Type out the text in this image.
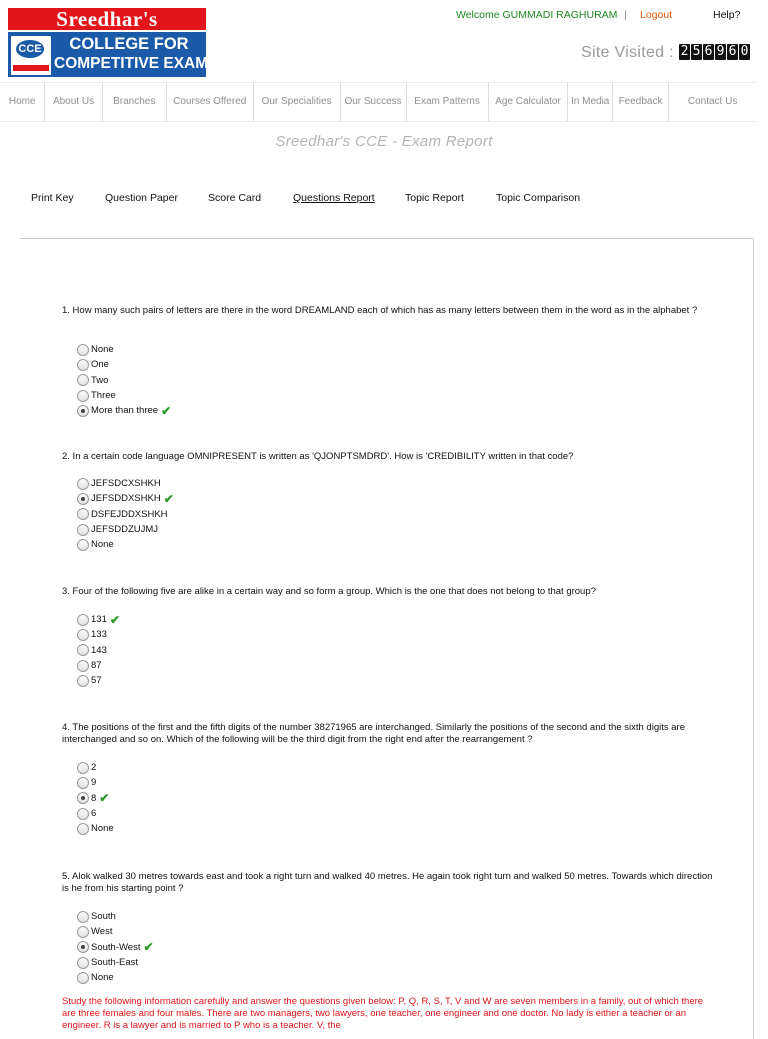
Sreedhar's
CCE	COLLEGE FOR
COMPETITIVE EXAMS
Welcome GUMMADI RAGHURAM | Logout	Help?
Site Visited : 2 5 6 9 6 0
Home	About Us	Branches	Courses Offered	Our Specialities	Our Success	Exam Patterns	Age Calculator	In Media Feedback	Contact Us
Sreedhar's CCE - Exam Report
Print Key	Question Paper	Score Card	Questions Report	Topic Report	Topic Comparison
1. How many such pairs of letters are there in the word DREAMLAND each of which has as many letters between them in the word as in the alphabet ?
None
One
Two
Three
More than three ✔
2. In a certain code language OMNIPRESENT is written as 'QJONPTSMDRD'. How is 'CREDIBILITY written in that code?
JEFSDCXSHKH
JEFSDDXSHKH ✔
DSFEJDDXSHKH
JEFSDDZUJMJ
None
3. Four of the following five are alike in a certain way and so form a group. Which is the one that does not belong to that group?
131 ✔
133
143
87
57
4. The positions of the first and the fifth digits of the number 38271965 are interchanged. Similarly the positions of the second and the sixth digits are interchanged and so on. Which of the following will be the third digit from the right end after the rearrangement ?
2
9
8 ✔
6
None
5. Alok walked 30 metres towards east and took a right turn and walked 40 metres. He again took right turn and walked 50 metres. Towards which direction is he from his starting point ?
South
West
South-West ✔
South-East
None
Study the following information carefully and answer the questions given below: P, Q, R, S, T, V and W are seven members in a family, out of which there are three females and four males. There are two managers, two lawyers, one teacher, one engineer and one doctor. No lady is either a teacher or an engineer. R is a lawyer and is married to P who is a teacher. V, the
